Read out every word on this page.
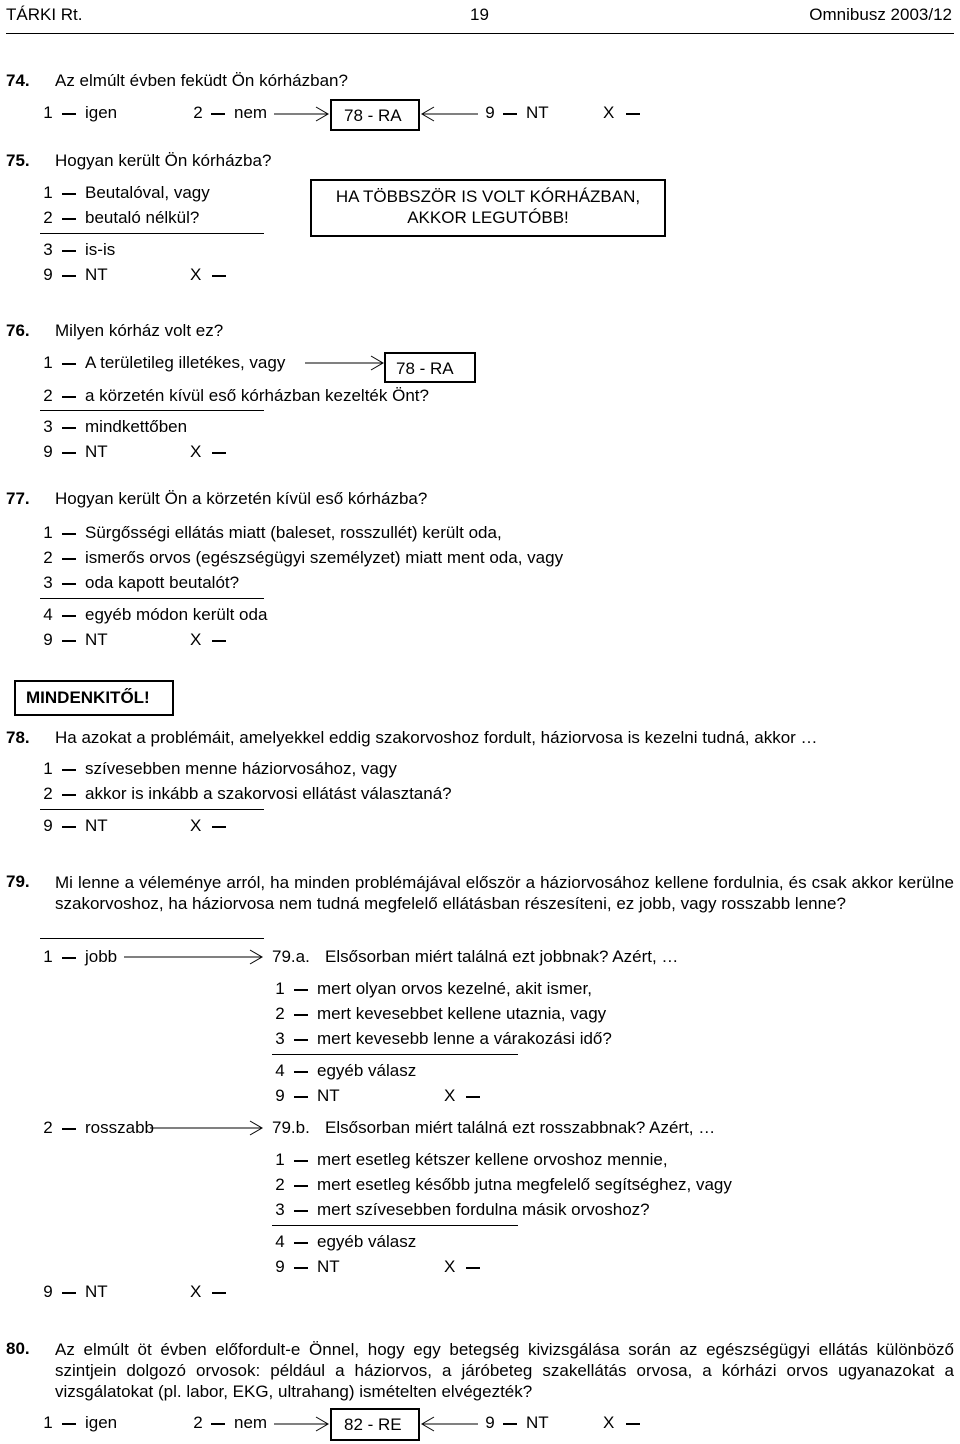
TÁRKI Rt.	19	Omnibusz 2003/12
74. Az elmúlt évben feküdt Ön kórházban?
1 igen	2 nem	78 - RA	9 NT	X
75. Hogyan került Ön kórházba?
1 Beutalóval, vagy
2 beutaló nélkül?
3 is-is
9 NT	X
HA TÖBBSZÖR IS VOLT KÓRHÁZBAN,
AKKOR LEGUTÓBB!
76. Milyen kórház volt ez?
1 A területileg illetékes, vagy	78 - RA
2 a körzetén kívül eső kórházban kezelték Önt?
3 mindkettőben
9 NT	X
77. Hogyan került Ön a körzetén kívül eső kórházba?
1 Sürgősségi ellátás miatt (baleset, rosszullét) került oda,
2 ismerős orvos (egészségügyi személyzet) miatt ment oda, vagy
3 oda kapott beutalót?
4 egyéb módon került oda
9 NT	X
MINDENKITŐL!
78. Ha azokat a problémáit, amelyekkel eddig szakorvoshoz fordult, háziorvosa is kezelni tudná, akkor …
1 szívesebben menne háziorvosához, vagy
2 akkor is inkább a szakorvosi ellátást választaná?
9 NT	X
79. Mi lenne a véleménye arról, ha minden problémájával először a háziorvosához kellene fordulnia, és csak akkor kerülne szakorvoshoz, ha háziorvosa nem tudná megfelelő ellátásban részesíteni, ez jobb, vagy rosszabb lenne?
1 jobb	79.a. Elsősorban miért találná ezt jobbnak? Azért, …
1 mert olyan orvos kezelné, akit ismer,
2 mert kevesebbet kellene utaznia, vagy
3 mert kevesebb lenne a várakozási idő?
4 egyéb válasz
9 NT	X
2 rosszabb	79.b. Elsősorban miért találná ezt rosszabbnak? Azért, …
1 mert esetleg kétszer kellene orvoshoz mennie,
2 mert esetleg később jutna megfelelő segítséghez, vagy
3 mert szívesebben fordulna másik orvoshoz?
4 egyéb válasz
9 NT	X
9 NT	X
80. Az elmúlt öt évben előfordult-e Önnel, hogy egy betegség kivizsgálása során az egészségügyi ellátás különböző szintjein dolgozó orvosok: például a háziorvos, a járóbeteg szakellátás orvosa, a kórházi orvos ugyanazokat a vizsgálatokat (pl. labor, EKG, ultrahang) ismételten elvégezték?
1 igen	2 nem	82 - RE	9 NT	X
